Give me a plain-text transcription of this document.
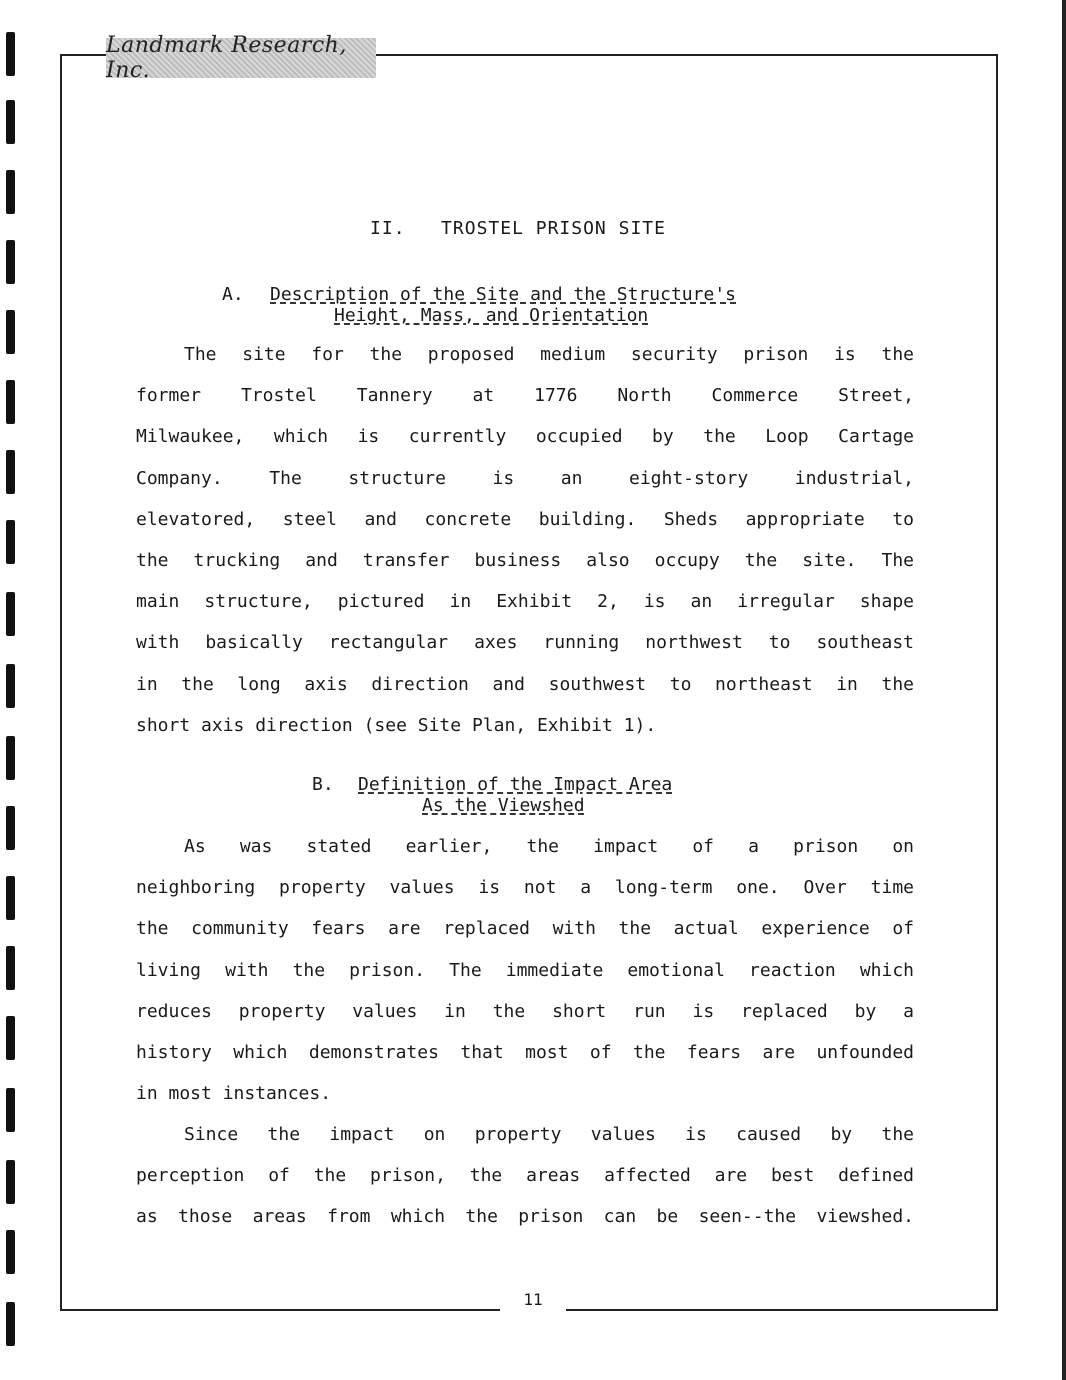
Landmark Research, Inc.
11
II.   TROSTEL PRISON SITE
A. Description of the Site and the Structure's
Height, Mass, and Orientation
The site for the proposed medium security prison is the
former Trostel Tannery at 1776 North Commerce Street,
Milwaukee, which is currently occupied by the Loop Cartage
Company. The structure is an eight-story industrial,
elevatored, steel and concrete building. Sheds appropriate to
the trucking and transfer business also occupy the site. The
main structure, pictured in Exhibit 2, is an irregular shape
with basically rectangular axes running northwest to southeast
in the long axis direction and southwest to northeast in the
short axis direction (see Site Plan, Exhibit 1).
B. Definition of the Impact Area
As the Viewshed
As was stated earlier, the impact of a prison on
neighboring property values is not a long-term one. Over time
the community fears are replaced with the actual experience of
living with the prison. The immediate emotional reaction which
reduces property values in the short run is replaced by a
history which demonstrates that most of the fears are unfounded
in most instances.
Since the impact on property values is caused by the
perception of the prison, the areas affected are best defined
as those areas from which the prison can be seen--the viewshed.
